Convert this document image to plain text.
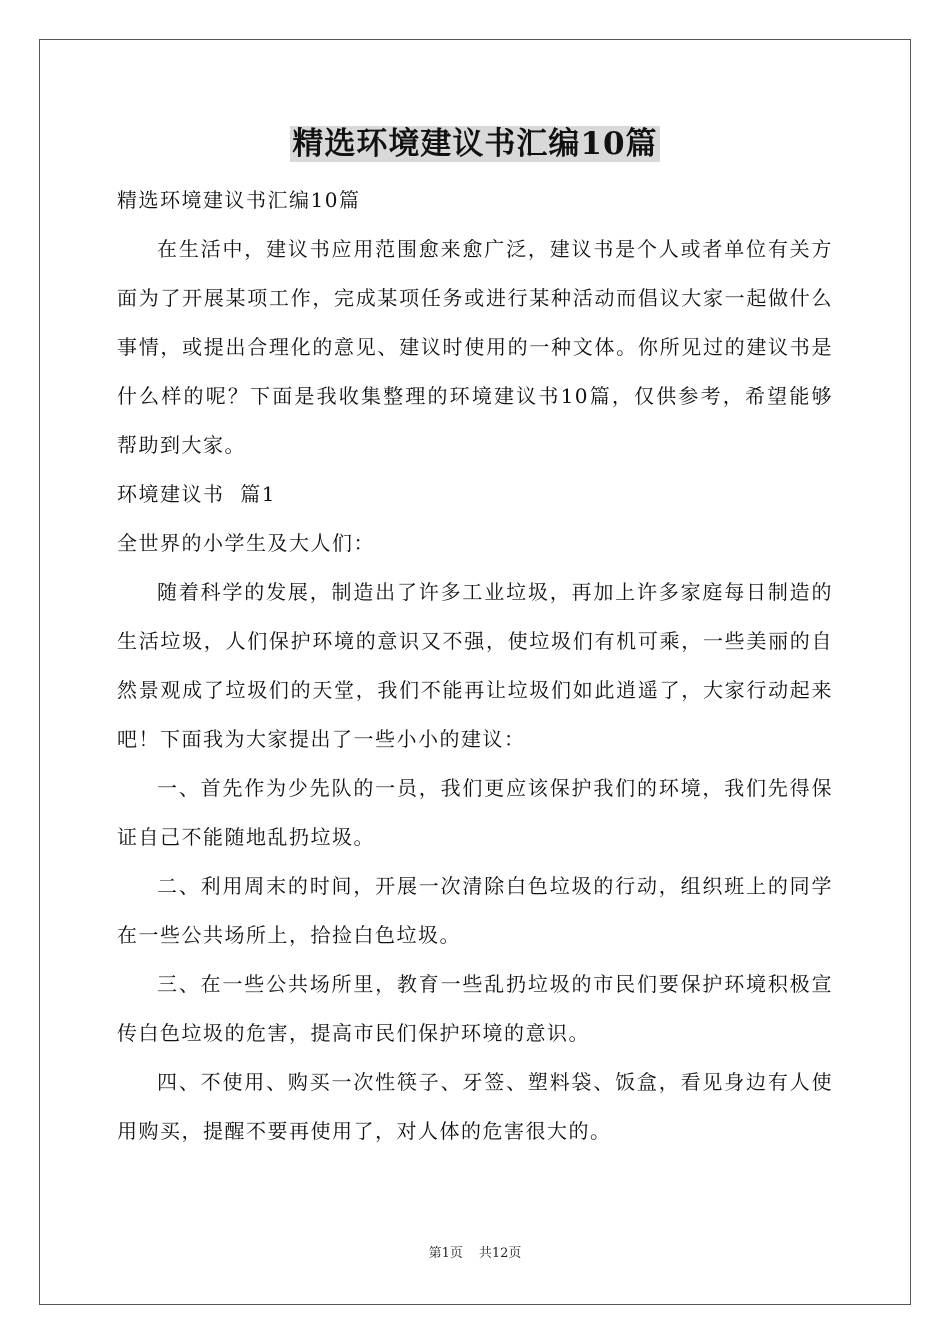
精选环境建议书汇编10篇

精选环境建议书汇编10篇

在生活中，建议书应用范围愈来愈广泛，建议书是个人或者单位有关方面为了开展某项工作，完成某项任务或进行某种活动而倡议大家一起做什么事情，或提出合理化的意见、建议时使用的一种文体。你所见过的建议书是什么样的呢？下面是我收集整理的环境建议书10篇，仅供参考，希望能够帮助到大家。

环境建议书  篇1

全世界的小学生及大人们：

随着科学的发展，制造出了许多工业垃圾，再加上许多家庭每日制造的生活垃圾，人们保护环境的意识又不强，使垃圾们有机可乘，一些美丽的自然景观成了垃圾们的天堂，我们不能再让垃圾们如此逍遥了，大家行动起来吧！下面我为大家提出了一些小小的建议：

一、首先作为少先队的一员，我们更应该保护我们的环境，我们先得保证自己不能随地乱扔垃圾。

二、利用周末的时间，开展一次清除白色垃圾的行动，组织班上的同学在一些公共场所上，拾捡白色垃圾。

三、在一些公共场所里，教育一些乱扔垃圾的市民们要保护环境积极宣传白色垃圾的危害，提高市民们保护环境的意识。

四、不使用、购买一次性筷子、牙签、塑料袋、饭盒，看见身边有人使用购买，提醒不要再使用了，对人体的危害很大的。

第1页 共12页
